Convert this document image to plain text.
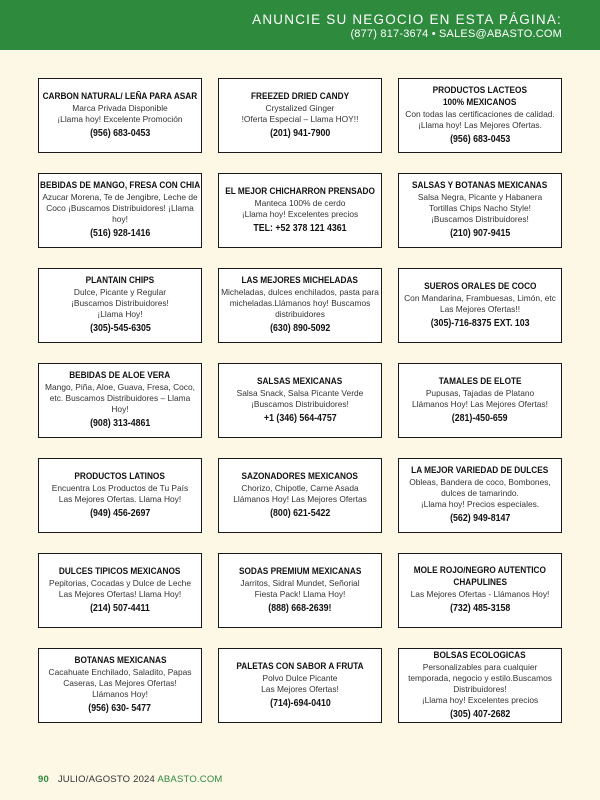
ANUNCIE SU NEGOCIO EN ESTA PÁGINA:
(877) 817-3674 • SALES@ABASTO.COM
CARBON NATURAL/ LEÑA PARA ASAR
Marca Privada Disponible
¡Llama hoy! Excelente Promoción
(956) 683-0453
FREEZED DRIED CANDY
Crystalized Ginger
!Oferta Especial – Llama HOY!!
(201) 941-7900
PRODUCTOS LACTEOS
100% MEXICANOS
Con todas las certificaciones de calidad.
¡Llama hoy! Las Mejores Ofertas.
(956) 683-0453
BEBIDAS DE MANGO, FRESA CON CHIA
Azucar Morena, Te de Jengibre, Leche de
Coco ¡Buscamos Distribuidores! ¡Llama
hoy!
(516) 928-1416
EL MEJOR CHICHARRON PRENSADO
Manteca 100% de cerdo
¡Llama hoy! Excelentes precios
TEL: +52 378 121 4361
SALSAS Y BOTANAS MEXICANAS
Salsa Negra, Picante y Habanera
Tortillas Chips Nacho Style!
¡Buscamos Distribuidores!
(210) 907-9415
PLANTAIN CHIPS
Dulce, Picante y Regular
¡Buscamos Distribuidores!
¡Llama Hoy!
(305)-545-6305
LAS MEJORES MICHELADAS
Micheladas, dulces enchilados, pasta para
micheladas.Llámanos hoy! Buscamos
distribuidores
(630) 890-5092
SUEROS ORALES DE COCO
Con Mandarina, Frambuesas, Limón, etc
Las Mejores Ofertas!!
(305)-716-8375 EXT. 103
BEBIDAS DE ALOE VERA
Mango, Piña, Aloe, Guava, Fresa, Coco,
etc. Buscamos Distribuidores – Llama
Hoy!
(908) 313-4861
SALSAS MEXICANAS
Salsa Snack, Salsa Picante Verde
¡Buscamos Distribuidores!
+1 (346) 564-4757
TAMALES DE ELOTE
Pupusas, Tajadas de Platano
Llámanos Hoy! Las Mejores Ofertas!
(281)-450-659
PRODUCTOS LATINOS
Encuentra Los Productos de Tu País
Las Mejores Ofertas. Llama Hoy!
(949) 456-2697
SAZONADORES MEXICANOS
Chorizo, Chipotle, Carne Asada
Llámanos Hoy! Las Mejores Ofertas
(800) 621-5422
LA MEJOR VARIEDAD DE DULCES
Obleas, Bandera de coco, Bombones,
dulces de tamarindo.
¡Llama hoy! Precios especiales.
(562) 949-8147
DULCES TIPICOS MEXICANOS
Pepitorias, Cocadas y Dulce de Leche
Las Mejores Ofertas! Llama Hoy!
(214) 507-4411
SODAS PREMIUM MEXICANAS
Jarritos, Sidral Mundet, Señorial
Fiesta Pack! Llama Hoy!
(888) 668-2639!
MOLE ROJO/NEGRO AUTENTICO
CHAPULINES
Las Mejores Ofertas - Llámanos Hoy!
(732) 485-3158
BOTANAS MEXICANAS
Cacahuate Enchilado, Saladito, Papas
Caseras, Las Mejores Ofertas!
Llámanos Hoy!
(956) 630- 5477
PALETAS CON SABOR A FRUTA
Polvo Dulce Picante
Las Mejores Ofertas!
(714)-694-0410
BOLSAS ECOLOGICAS
Personalizables para cualquier
temporada, negocio y estilo.Buscamos
Distribuidores!
¡Llama hoy! Excelentes precios
(305) 407-2682
90 JULIO/AGOSTO 2024 ABASTO.COM
